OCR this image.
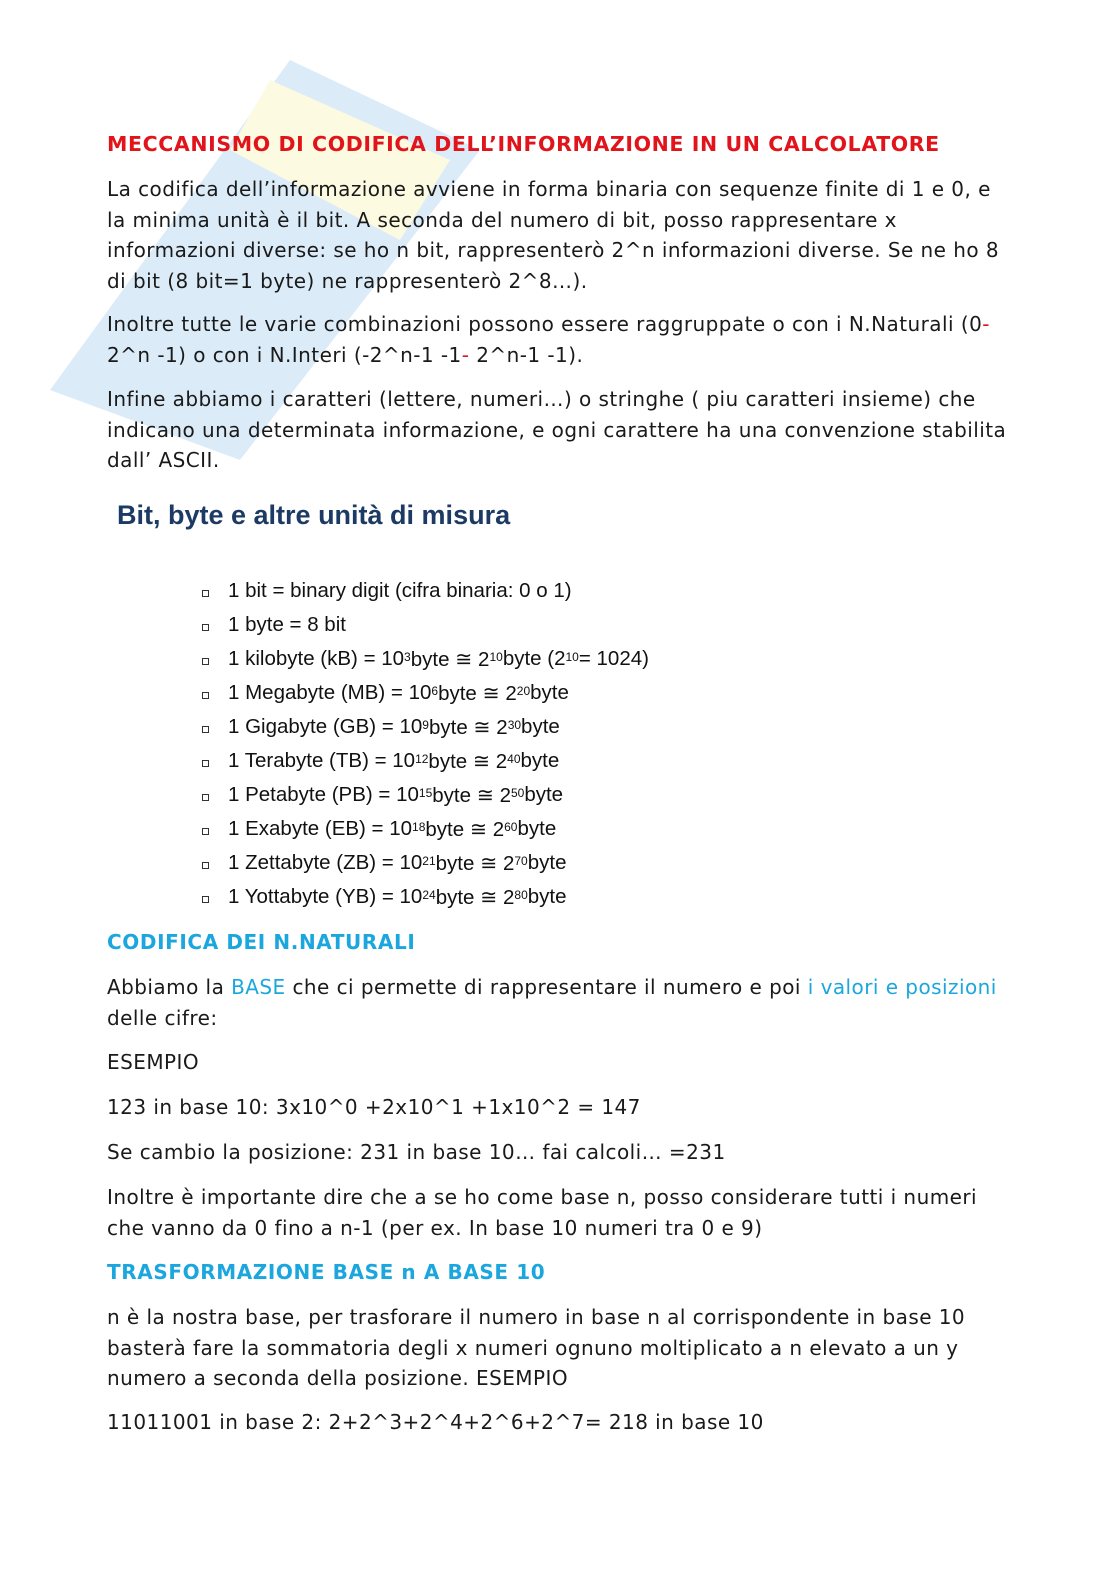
MECCANISMO DI CODIFICA DELL’INFORMAZIONE IN UN CALCOLATORE

La codifica dell’informazione avviene in forma binaria con sequenze finite di 1 e 0, e la minima unità è il bit. A seconda del numero di bit, posso rappresentare x informazioni diverse: se ho n bit, rappresenterò 2^n informazioni diverse. Se ne ho 8 di bit (8 bit=1 byte) ne rappresenterò 2^8…).

Inoltre tutte le varie combinazioni possono essere raggruppate o con i N.Naturali (0-2^n -1) o con i N.Interi (-2^n-1 -1- 2^n-1 -1).

Infine abbiamo i caratteri (lettere, numeri…) o stringhe ( piu caratteri insieme) che indicano una determinata informazione, e ogni carattere ha una convenzione stabilita dall’ ASCII.

CODIFICA DEI N.NATURALI

Abbiamo la BASE che ci permette di rappresentare il numero e poi i valori e posizioni delle cifre:

ESEMPIO

123 in base 10: 3x10^0 +2x10^1 +1x10^2 = 147

Se cambio la posizione: 231 in base 10… fai calcoli… =231

Inoltre è importante dire che a se ho come base n, posso considerare tutti i numeri che vanno da 0 fino a n-1 (per ex. In base 10 numeri tra 0 e 9)

TRASFORMAZIONE BASE n A BASE 10

n è la nostra base, per trasforare il numero in base n al corrispondente in base 10 basterà fare la sommatoria degli x numeri ognuno moltiplicato a n elevato a un y numero a seconda della posizione. ESEMPIO

11011001 in base 2: 2+2^3+2^4+2^6+2^7= 218 in base 10

Bit, byte e altre unità di misura
1 bit = binary digit (cifra binaria: 0 o 1)
1 byte = 8 bit
1 kilobyte $(kB) = 10^3$ byte ≅ $2^{10}$ byte $(2^{10} = 1024)$
1 Megabyte $(MB) = 10^6$ byte ≅ $2^{20}$ byte
1 Gigabyte $(GB) = 10^9$ byte ≅ $2^{30}$ byte
1 Terabyte $(TB) = 10^{12}$ byte ≅ $2^{40}$ byte
1 Petabyte $(PB) = 10^{15}$ byte ≅ $2^{50}$ byte
1 Exabyte $(EB) = 10^{18}$ byte ≅ $2^{60}$ byte
1 Zettabyte $(ZB) = 10^{21}$ byte ≅ $2^{70}$ byte
1 Yottabyte $(YB) = 10^{24}$ byte ≅ $2^{80}$ byte
